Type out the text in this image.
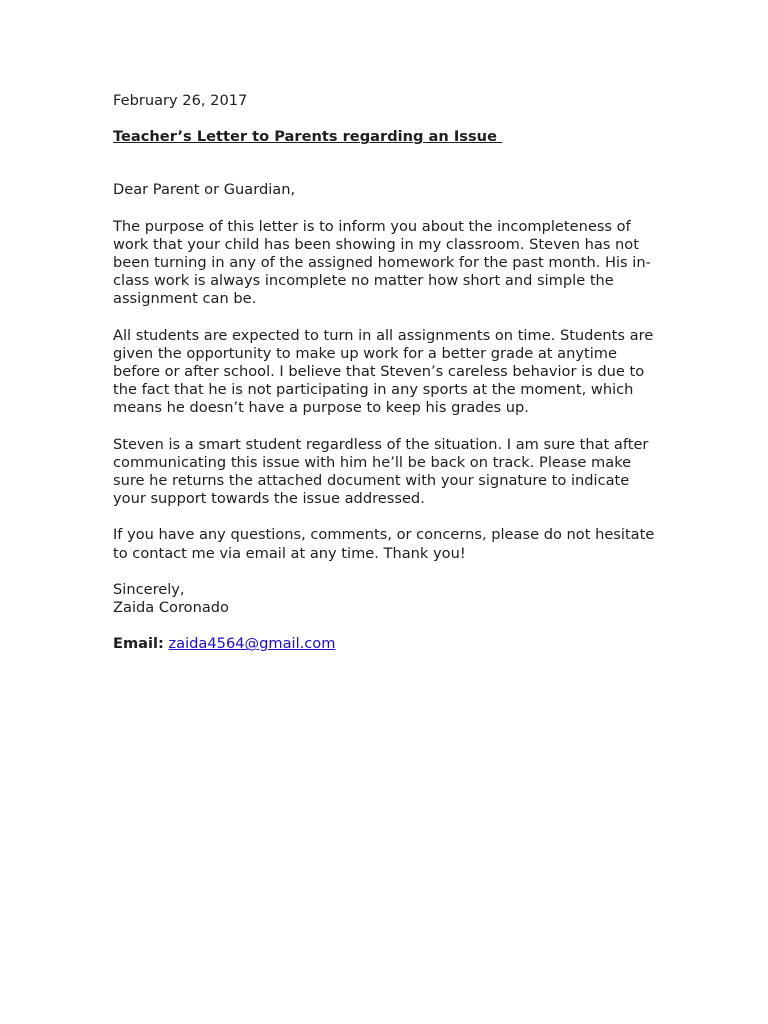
February 26, 2017

Teacher’s Letter to Parents regarding an Issue

Dear Parent or Guardian,

The purpose of this letter is to inform you about the incompleteness of work that your child has been showing in my classroom. Steven has not been turning in any of the assigned homework for the past month. His in-class work is always incomplete no matter how short and simple the assignment can be.

All students are expected to turn in all assignments on time. Students are given the opportunity to make up work for a better grade at anytime before or after school. I believe that Steven’s careless behavior is due to the fact that he is not participating in any sports at the moment, which means he doesn’t have a purpose to keep his grades up.

Steven is a smart student regardless of the situation. I am sure that after communicating this issue with him he’ll be back on track. Please make sure he returns the attached document with your signature to indicate your support towards the issue addressed.

If you have any questions, comments, or concerns, please do not hesitate to contact me via email at any time. Thank you!

Sincerely,

Zaida Coronado

Email: zaida4564@gmail.com
